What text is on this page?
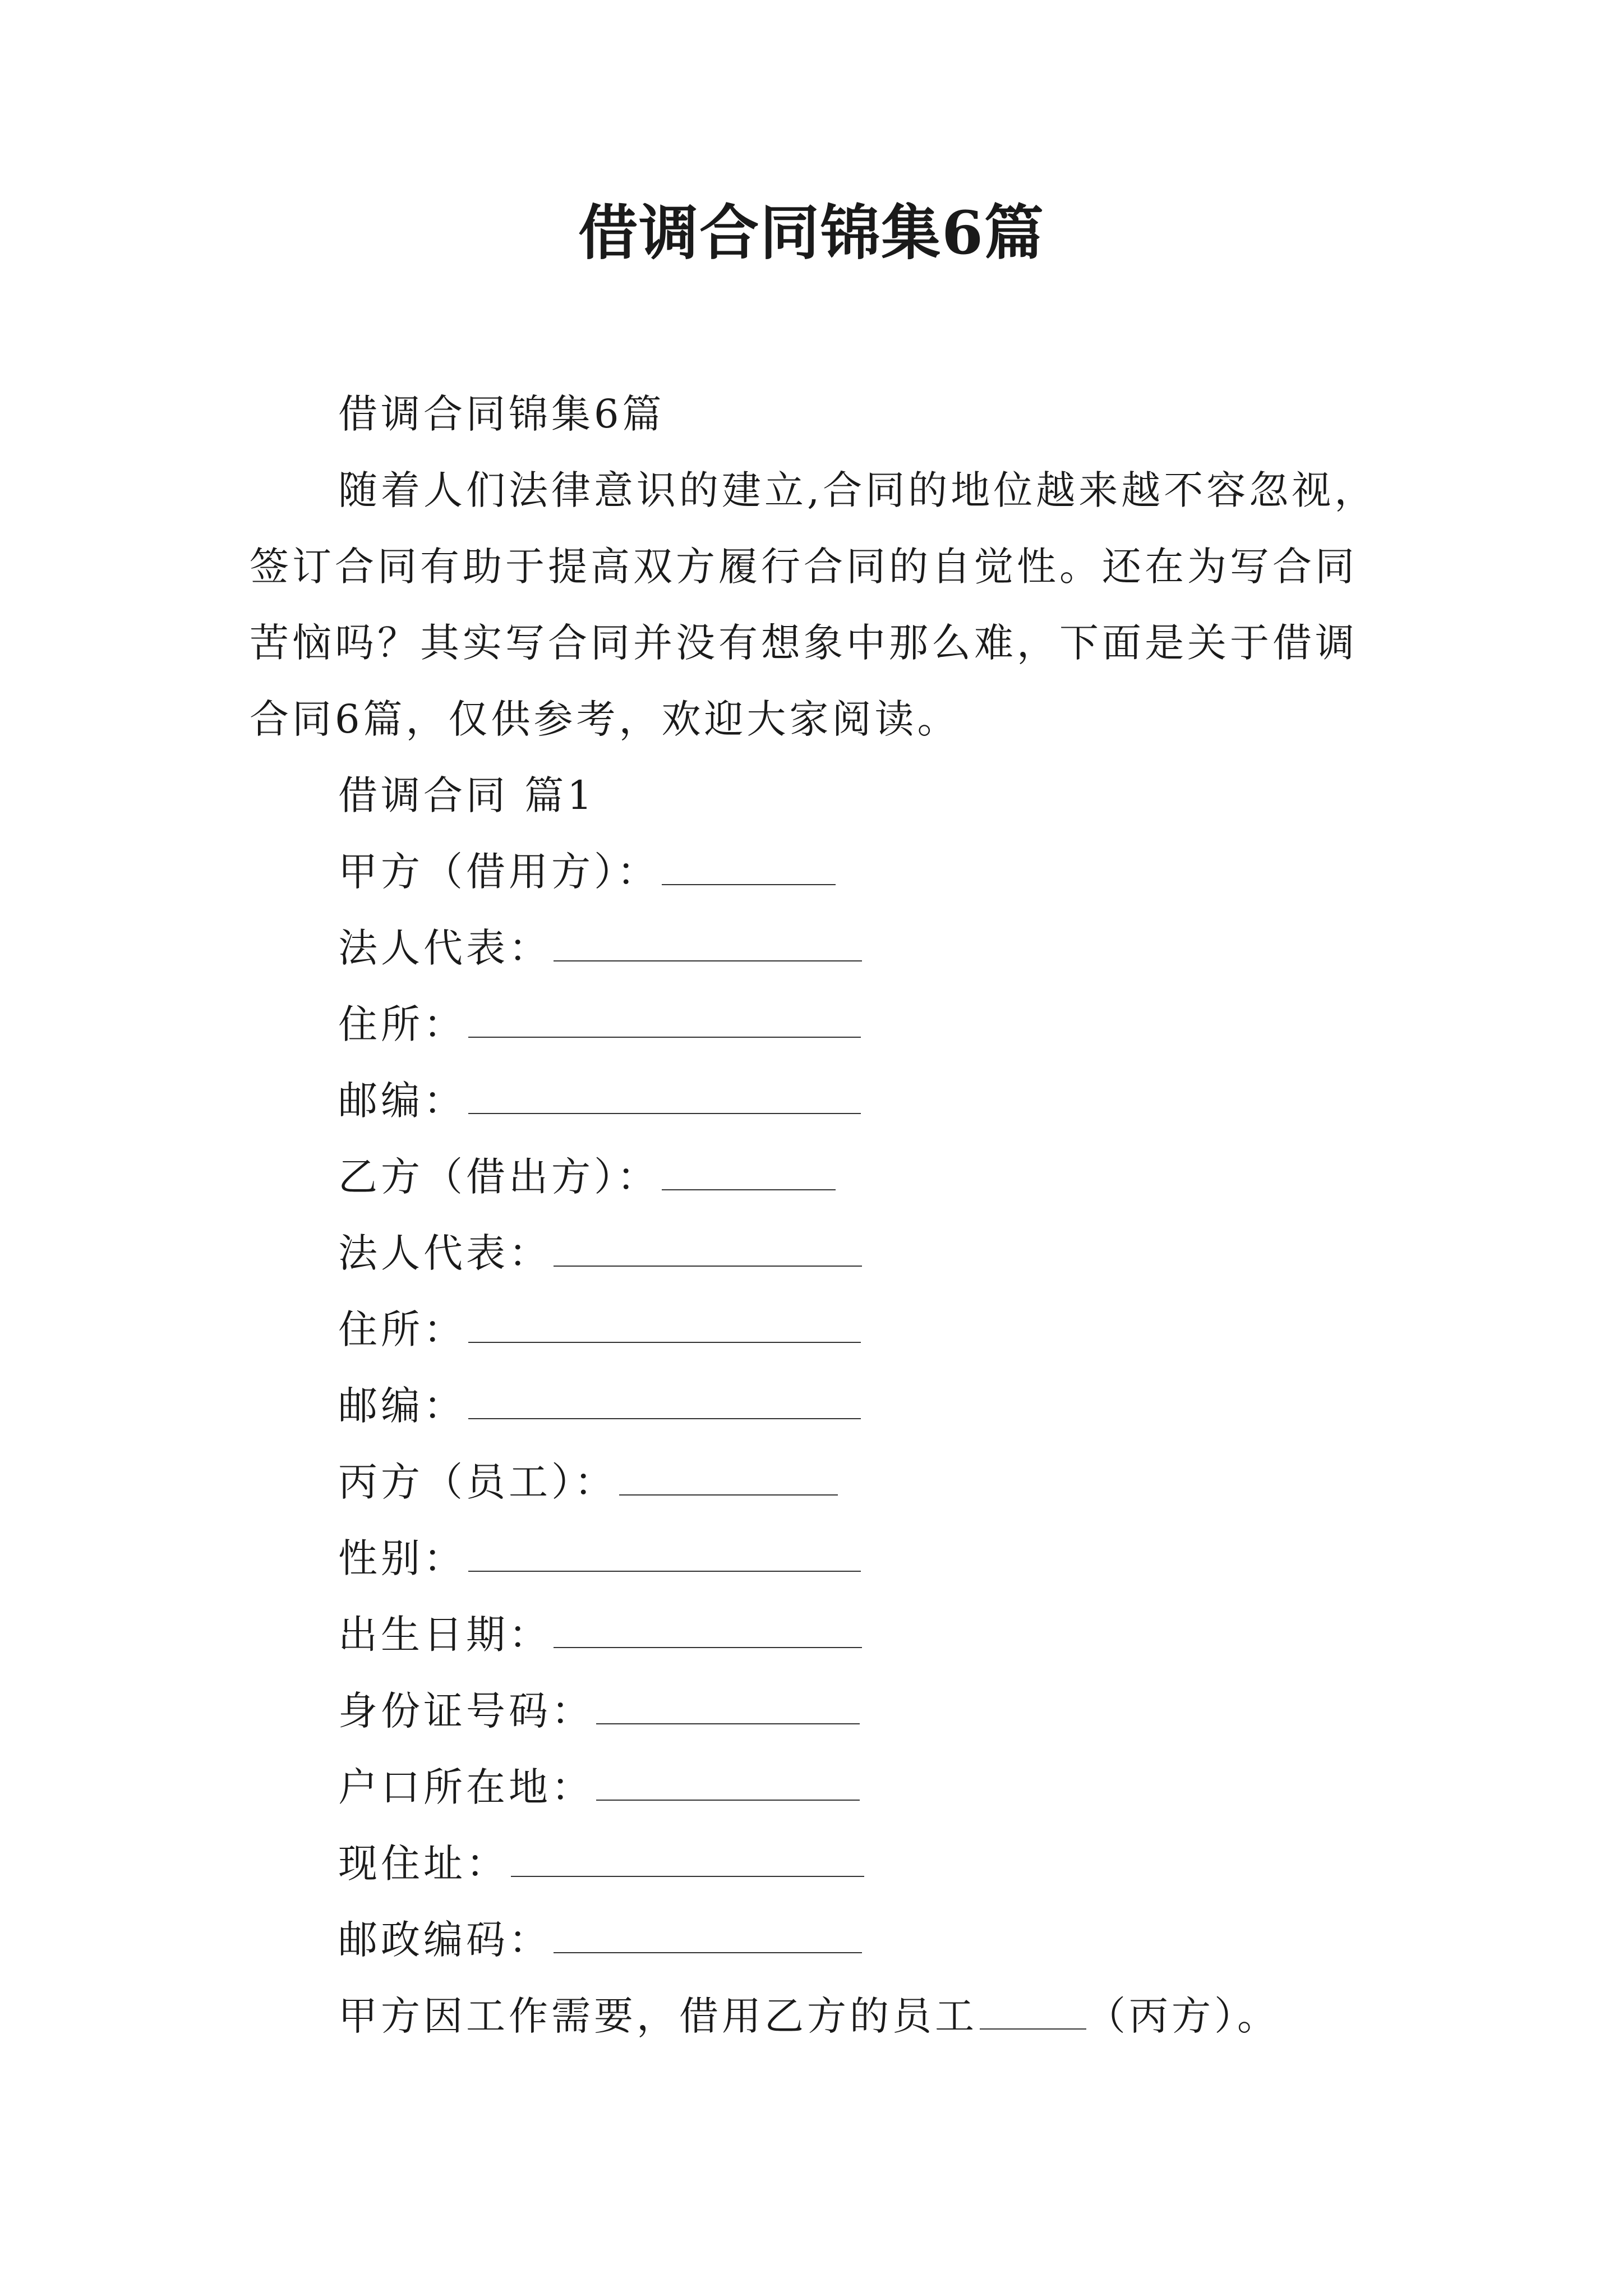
借调合同锦集6篇

借调合同锦集6篇

随着人们法律意识的建立,合同的地位越来越不容忽视，签订合同有助于提高双方履行合同的自觉性。还在为写合同苦恼吗？其实写合同并没有想象中那么难，下面是关于借调合同6篇，仅供参考，欢迎大家阅读。

借调合同 篇1

甲方（借用方）：

法人代表：

住所：

邮编：

乙方（借出方）：

法人代表：

住所：

邮编：

丙方（员工）：

性别：

出生日期：

身份证号码：

户口所在地：

现住址：

邮政编码：

甲方因工作需要，借用乙方的员工	（丙方）。
